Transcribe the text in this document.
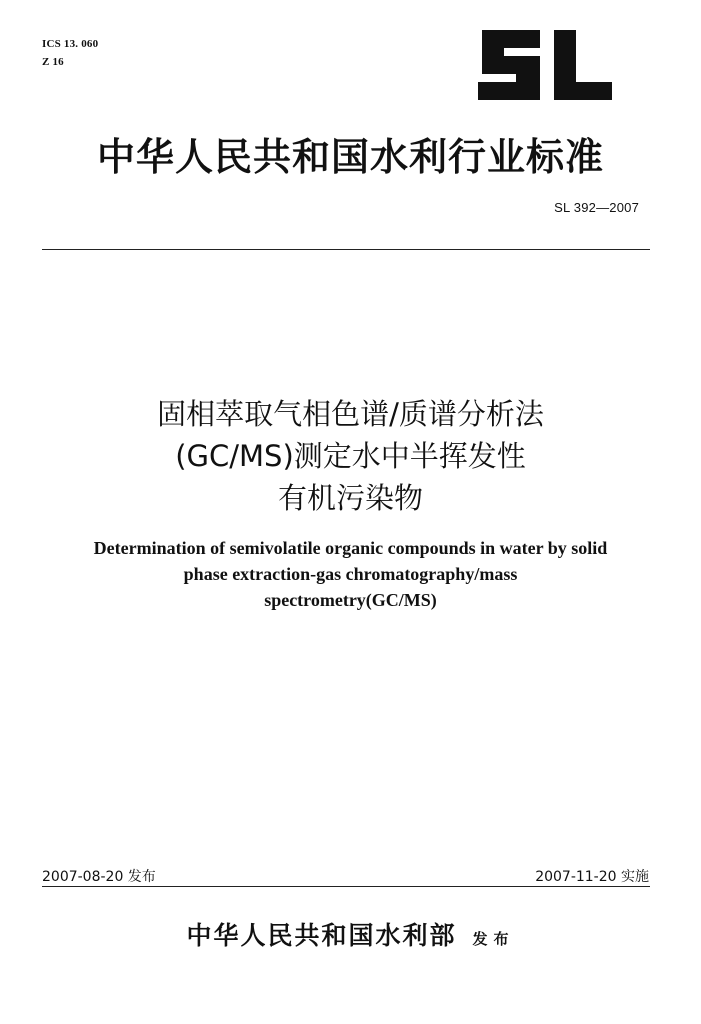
ICS 13. 060
Z 16
中华人民共和国水利行业标准
SL 392—2007
固相萃取气相色谱/质谱分析法
(GC/MS)测定水中半挥发性
有机污染物
Determination of semivolatile organic compounds in water by solid
phase extraction-gas chromatography/mass
spectrometry(GC/MS)
2007-08-20 发布	2007-11-20 实施
中华人民共和国水利部 发布
